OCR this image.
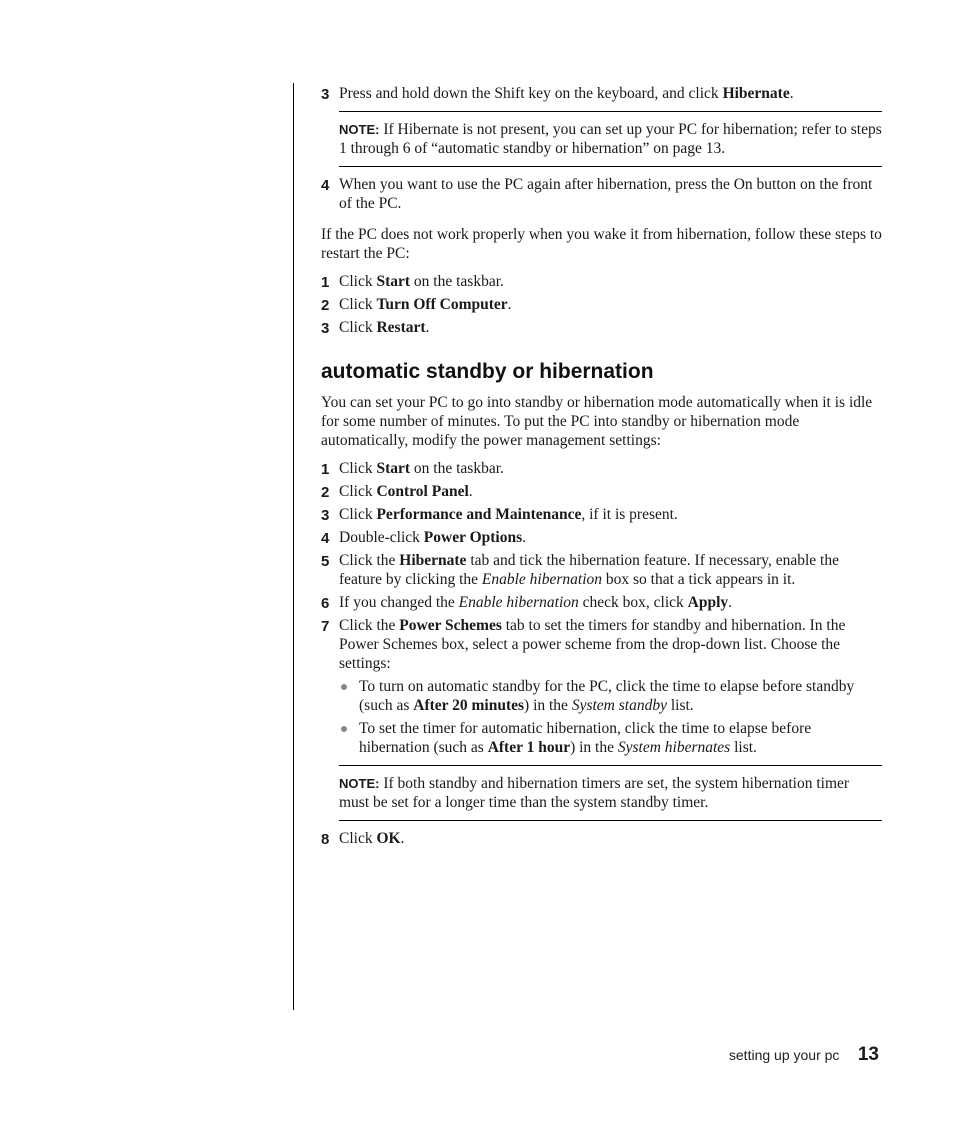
3 Press and hold down the Shift key on the keyboard, and click Hibernate.
NOTE: If Hibernate is not present, you can set up your PC for hibernation; refer to steps 1 through 6 of “automatic standby or hibernation” on page 13.
4 When you want to use the PC again after hibernation, press the On button on the front of the PC.
If the PC does not work properly when you wake it from hibernation, follow these steps to restart the PC:
1 Click Start on the taskbar.
2 Click Turn Off Computer.
3 Click Restart.
automatic standby or hibernation
You can set your PC to go into standby or hibernation mode automatically when it is idle for some number of minutes. To put the PC into standby or hibernation mode automatically, modify the power management settings:
1 Click Start on the taskbar.
2 Click Control Panel.
3 Click Performance and Maintenance, if it is present.
4 Double-click Power Options.
5 Click the Hibernate tab and tick the hibernation feature. If necessary, enable the feature by clicking the Enable hibernation box so that a tick appears in it.
6 If you changed the Enable hibernation check box, click Apply.
7 Click the Power Schemes tab to set the timers for standby and hibernation. In the Power Schemes box, select a power scheme from the drop-down list. Choose the settings:
To turn on automatic standby for the PC, click the time to elapse before standby (such as After 20 minutes) in the System standby list.
To set the timer for automatic hibernation, click the time to elapse before hibernation (such as After 1 hour) in the System hibernates list.
NOTE: If both standby and hibernation timers are set, the system hibernation timer must be set for a longer time than the system standby timer.
8 Click OK.
setting up your pc 13
